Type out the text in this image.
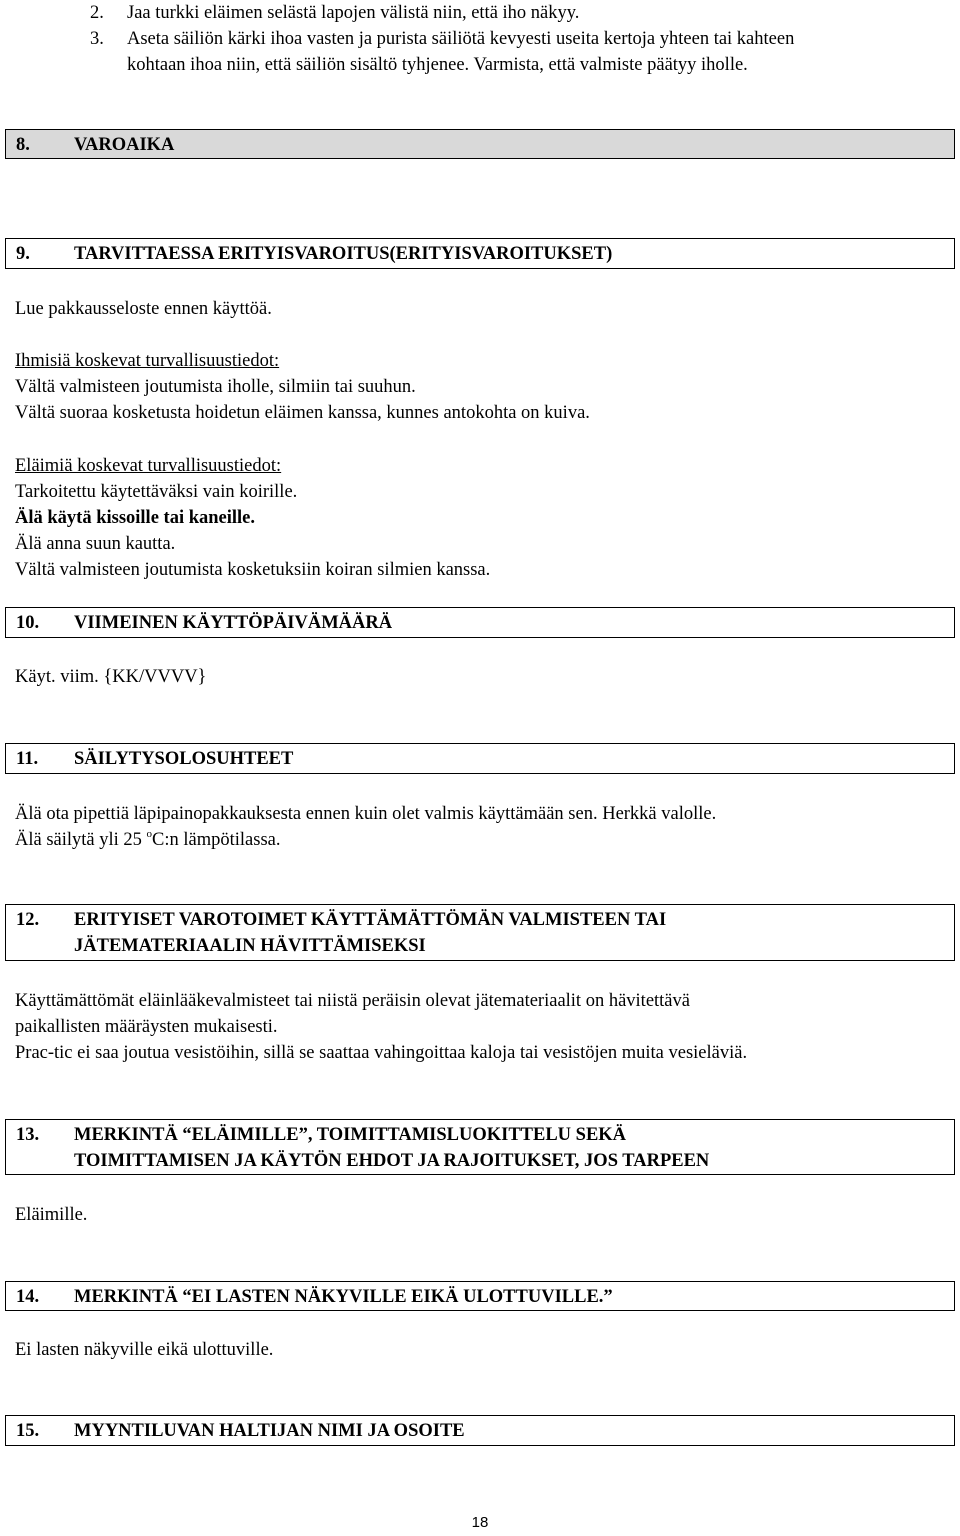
2. Jaa turkki eläimen selästä lapojen välistä niin, että iho näkyy.
3. Aseta säiliön kärki ihoa vasten ja purista säiliötä kevyesti useita kertoja yhteen tai kahteen
kohtaan ihoa niin, että säiliön sisältö tyhjenee. Varmista, että valmiste päätyy iholle.
8. VAROAIKA
9. TARVITTAESSA ERITYISVAROITUS(ERITYISVAROITUKSET)
Lue pakkausseloste ennen käyttöä.
Ihmisiä koskevat turvallisuustiedot:
Vältä valmisteen joutumista iholle, silmiin tai suuhun.
Vältä suoraa kosketusta hoidetun eläimen kanssa, kunnes antokohta on kuiva.
Eläimiä koskevat turvallisuustiedot:
Tarkoitettu käytettäväksi vain koirille.
Älä käytä kissoille tai kaneille.
Älä anna suun kautta.
Vältä valmisteen joutumista kosketuksiin koiran silmien kanssa.
10. VIIMEINEN KÄYTTÖPÄIVÄMÄÄRÄ
Käyt. viim. {KK/VVVV}
11. SÄILYTYSOLOSUHTEET
Älä ota pipettiä läpipainopakkauksesta ennen kuin olet valmis käyttämään sen. Herkkä valolle.
Älä säilytä yli 25 $^o$C:n lämpötilassa.
12. ERITYISET VAROTOIMET KÄYTTÄMÄTTÖMÄN VALMISTEEN TAI
JÄTEMATERIAALIN HÄVITTÄMISEKSI
Käyttämättömät eläinlääkevalmisteet tai niistä peräisin olevat jätemateriaalit on hävitettävä
paikallisten määräysten mukaisesti.
Prac-tic ei saa joutua vesistöihin, sillä se saattaa vahingoittaa kaloja tai vesistöjen muita vesieläviä.
13. MERKINTÄ “ELÄIMILLE”, TOIMITTAMISLUOKITTELU SEKÄ
TOIMITTAMISEN JA KÄYTÖN EHDOT JA RAJOITUKSET, JOS TARPEEN
Eläimille.
14. MERKINTÄ “EI LASTEN NÄKYVILLE EIKÄ ULOTTUVILLE.”
Ei lasten näkyville eikä ulottuville.
15. MYYNTILUVAN HALTIJAN NIMI JA OSOITE
18
